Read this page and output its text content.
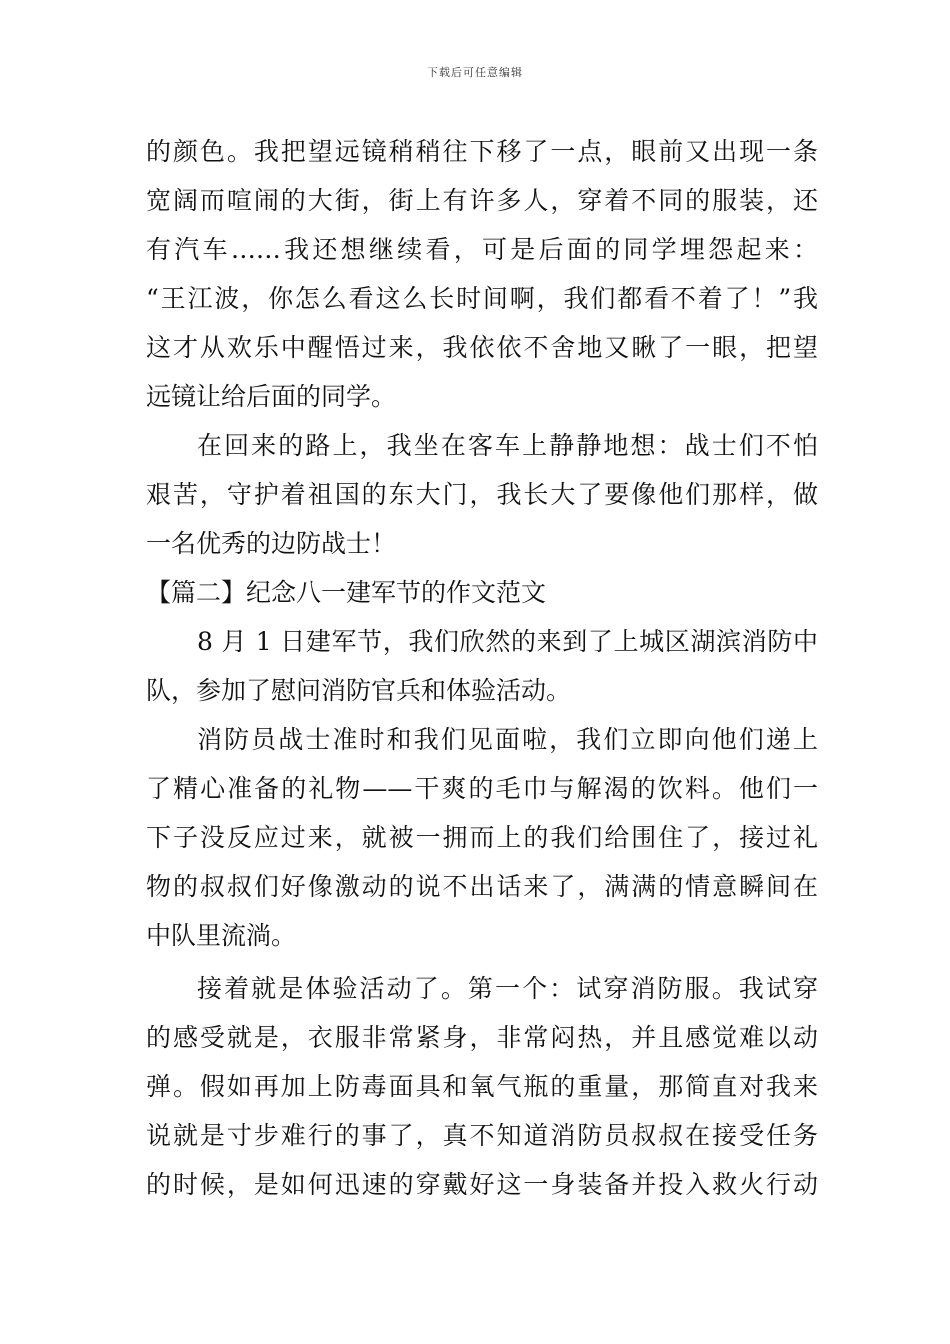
下载后可任意编辑
的颜色。我把望远镜稍稍往下移了一点，眼前又出现一条
宽阔而喧闹的大街，街上有许多人，穿着不同的服装，还
有汽车……我还想继续看，可是后面的同学埋怨起来：
“王江波，你怎么看这么长时间啊，我们都看不着了！”我
这才从欢乐中醒悟过来，我依依不舍地又瞅了一眼，把望
远镜让给后面的同学。
在回来的路上，我坐在客车上静静地想：战士们不怕
艰苦，守护着祖国的东大门，我长大了要像他们那样，做
一名优秀的边防战士！
【篇二】纪念八一建军节的作文范文
8 月 1 日建军节，我们欣然的来到了上城区湖滨消防中
队，参加了慰问消防官兵和体验活动。
消防员战士准时和我们见面啦，我们立即向他们递上
了精心准备的礼物——干爽的毛巾与解渴的饮料。他们一
下子没反应过来，就被一拥而上的我们给围住了，接过礼
物的叔叔们好像激动的说不出话来了，满满的情意瞬间在
中队里流淌。
接着就是体验活动了。第一个：试穿消防服。我试穿
的感受就是，衣服非常紧身，非常闷热，并且感觉难以动
弹。假如再加上防毒面具和氧气瓶的重量，那简直对我来
说就是寸步难行的事了，真不知道消防员叔叔在接受任务
的时候，是如何迅速的穿戴好这一身装备并投入救火行动
